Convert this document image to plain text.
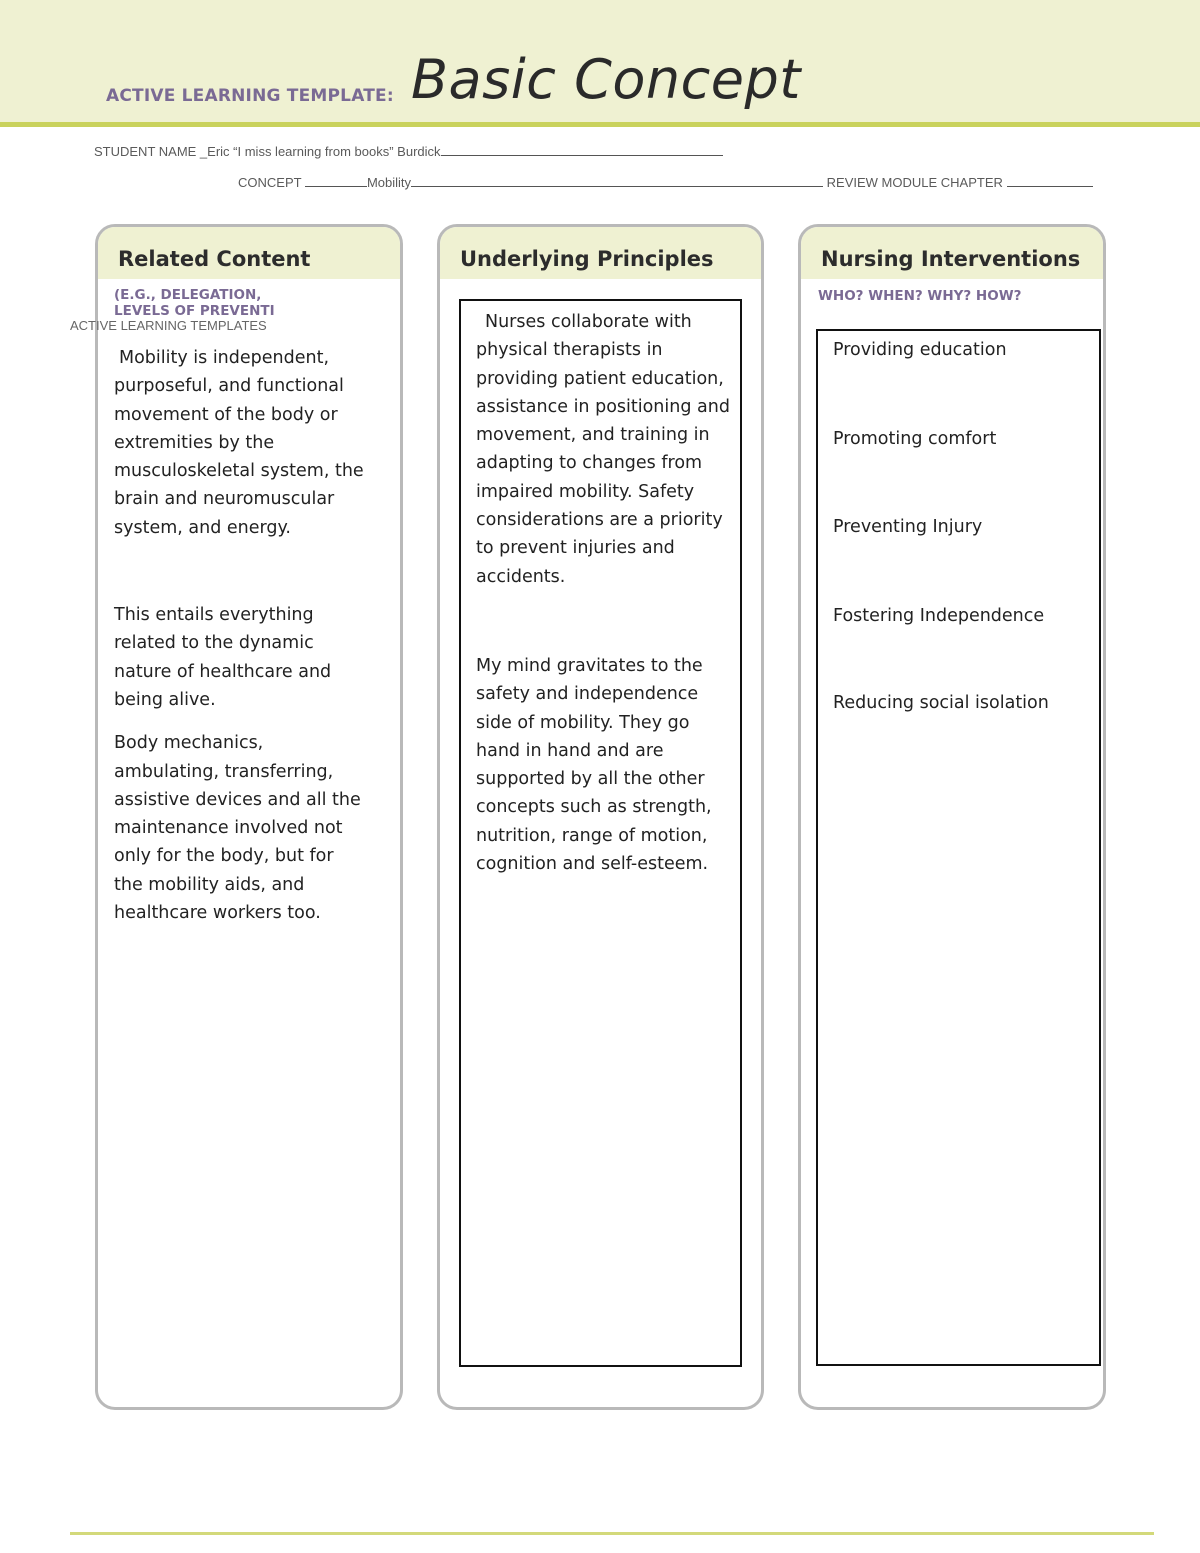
ACTIVE LEARNING TEMPLATE: Basic Concept
STUDENT NAME _Eric “I miss learning from books” Burdick
CONCEPT	Mobility	REVIEW MODULE CHAPTER
Related Content
(E.G., DELEGATION,
LEVELS OF PREVENTI
ACTIVE LEARNING TEMPLATES

Mobility is independent, purposeful, and functional movement of the body or extremities by the musculoskeletal system, the brain and neuromuscular system, and energy.

This entails everything related to the dynamic nature of healthcare and being alive.

Body mechanics, ambulating, transferring, assistive devices and all the maintenance involved not only for the body, but for the mobility aids, and healthcare workers too.

Underlying Principles

Nurses collaborate with physical therapists in providing patient education, assistance in positioning and movement, and training in adapting to changes from impaired mobility. Safety considerations are a priority to prevent injuries and accidents.

My mind gravitates to the safety and independence side of mobility. They go hand in hand and are supported by all the other concepts such as strength, nutrition, range of motion, cognition and self-esteem.

Nursing Interventions
WHO? WHEN? WHY? HOW?
Providing education
Promoting comfort
Preventing Injury
Fostering Independence
Reducing social isolation
